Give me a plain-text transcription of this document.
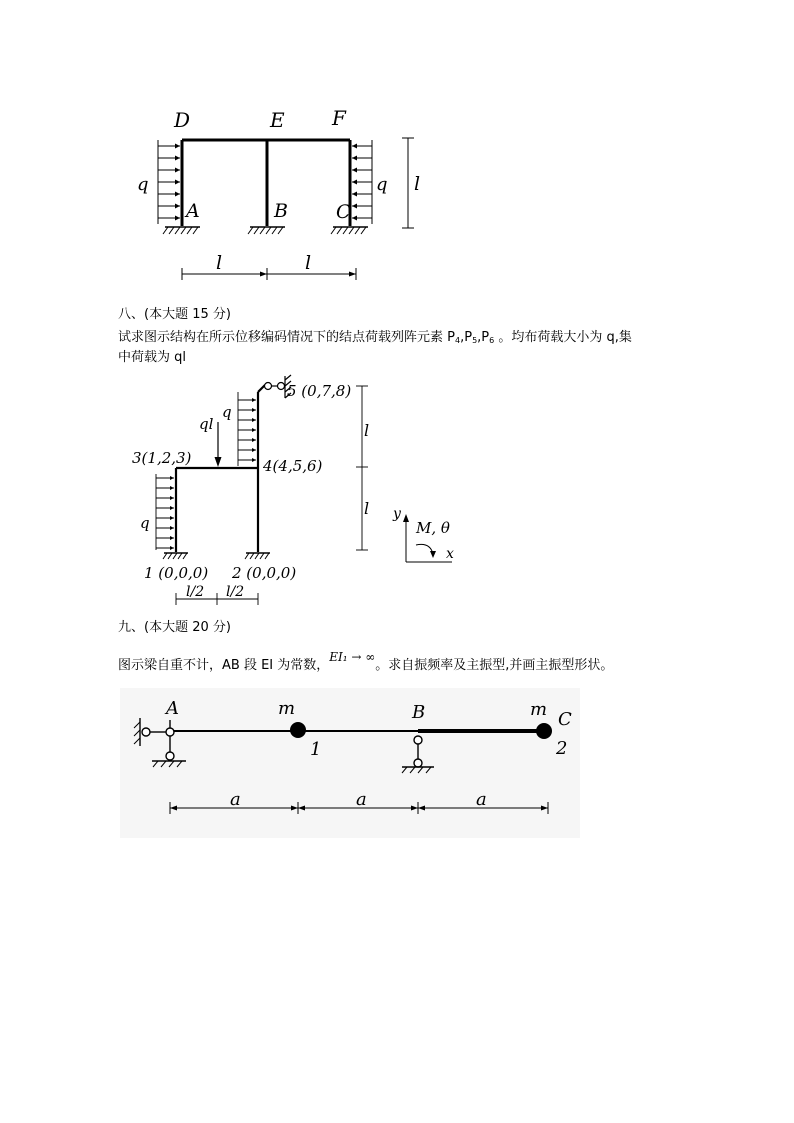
D	E F
A	B	C
q	q l
l	l
八、(本大题 15 分)
试求图示结构在所示位移编码情况下的结点荷载列阵元素 $P_4,P_5,P_6$ 。均布荷载大小为 q,集
中荷载为 ql
5 (0,7,8)
3(1,2,3)	4(4,5,6)
1 (0,0,0) 2 (0,0,0)
ql
q
q
l
l
l/2 l/2
y
x
M, θ
九、(本大题 20 分)
图示梁自重不计，AB 段 EI 为常数，EI₁ → ∞。求自振频率及主振型,并画主振型形状。
A	B	C
m	m
1	2
a	a	a
